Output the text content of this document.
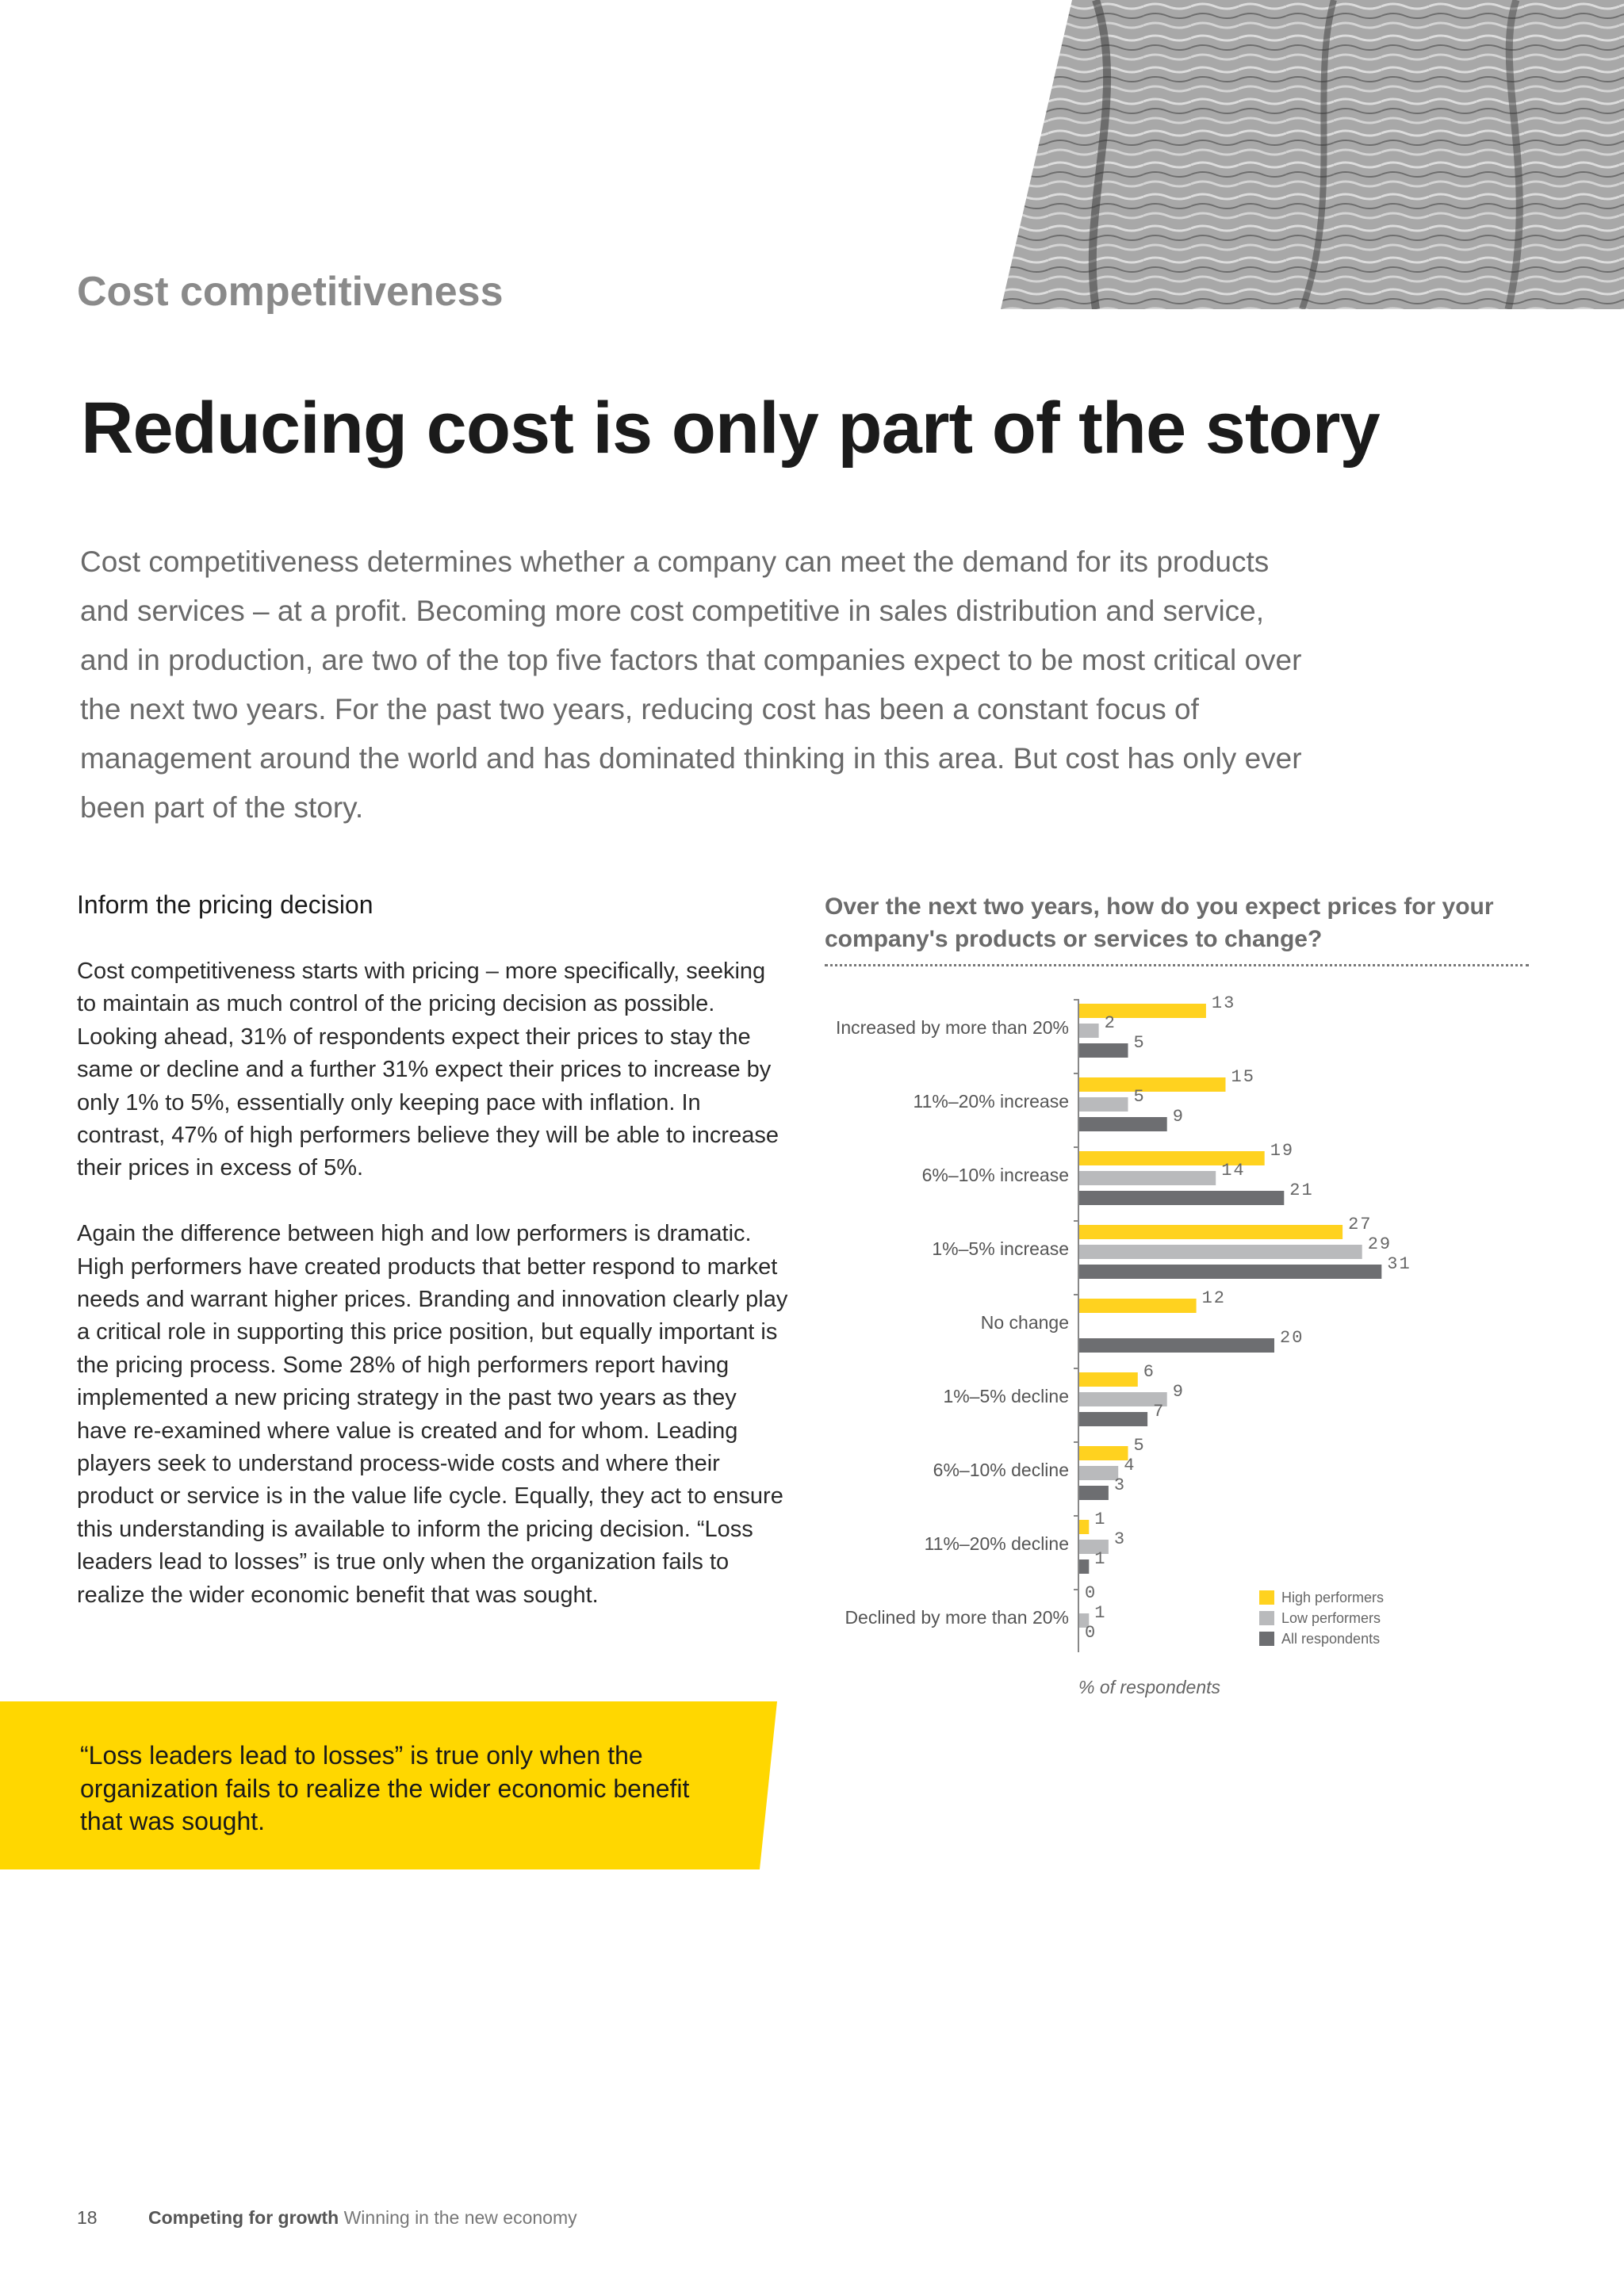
Cost competitiveness
Reducing cost is only part of the story

Cost competitiveness determines whether a company can meet the demand for its products and services – at a profit. Becoming more cost competitive in sales distribution and service, and in production, are two of the top five factors that companies expect to be most critical over the next two years. For the past two years, reducing cost has been a constant focus of management around the world and has dominated thinking in this area. But cost has only ever been part of the story.

Inform the pricing decision

Cost competitiveness starts with pricing – more specifically, seeking to maintain as much control of the pricing decision as possible. Looking ahead, 31% of respondents expect their prices to stay the same or decline and a further 31% expect their prices to increase by only 1% to 5%, essentially only keeping pace with inflation. In contrast, 47% of high performers believe they will be able to increase their prices in excess of 5%.

Again the difference between high and low performers is dramatic. High performers have created products that better respond to market needs and warrant higher prices. Branding and innovation clearly play a critical role in supporting this price position, but equally important is the pricing process. Some 28% of high performers report having implemented a new pricing strategy in the past two years as they have re-examined where value is created and for whom. Leading players seek to understand process-wide costs and where their product or service is in the value life cycle. Equally, they act to ensure this understanding is available to inform the pricing decision. “Loss leaders lead to losses” is true only when the organization fails to realize the wider economic benefit that was sought.

“Loss leaders lead to losses” is true only when the organization fails to realize the wider economic benefit that was sought.
Over the next two years, how do you expect prices for your company's products or services to change?
Increased by more than 20%
13
2
5
11%–20% increase
15
5
9
6%–10% increase
19
14
21
1%–5% increase
27
29
31
No change
12
20
1%–5% decline
6
9
7
6%–10% decline
5
4
3
11%–20% decline
1
3
1
Declined by more than 20%
0
1
0
High performers
Low performers
All respondents
% of respondents
18	Competing for growth Winning in the new economy
